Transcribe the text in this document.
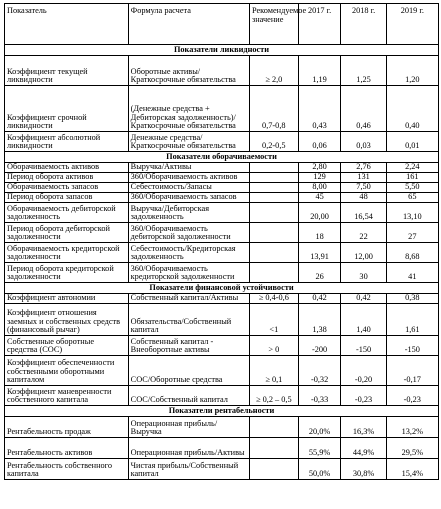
Показатель	Формула расчета	Рекомендуемое значение	2017 г.	2018 г.	2019 г.
Показатели ликвидности					
Коэффициент текущей ликвидности	Оборотные активы/Краткосрочные обязательства	≥ 2,0	1,19	1,25	1,20
Коэффициент срочной ликвидности	(Денежные средства + Дебиторская задолженность)/Краткосрочные обязательства	0,7-0,8	0,43	0,46	0,40
Коэффициент абсолютной ликвидности	Денежные средства/Краткосрочные обязательства	0,2-0,5	0,06	0,03	0,01
Показатели оборачиваемости					
Оборачиваемость активов	Выручка/Активы		2,80	2,76	2,24
Период оборота активов	360/Оборачиваемость активов		129	131	161
Оборачиваемость запасов	Себестоимость/Запасы		8,00	7,50	5,50
Период оборота запасов	360/Оборачиваемость запасов		45	48	65
Оборачиваемость дебиторской задолженность	Выручка/Дебиторская задолженность		20,00	16,54	13,10
Период оборота дебиторской задолженности	360/Оборачиваемость дебиторской задолженности		18	22	27
Оборачиваемость кредиторской задолженности	Себестоимость/Кредиторская задолженность		13,91	12,00	8,68
Период оборота кредиторской задолженности	360/Оборачиваемость кредиторской задолженности		26	30	41
Показатели финансовой устойчивости					
Коэффициент автономии	Собственный капитал/Активы	≥ 0,4-0,6	0,42	0,42	0,38
Коэффициент отношения заемных и собственных средств (финансовый рычаг)	Обязательства/Собственный капитал	<1	1,38	1,40	1,61
Собственные оборотные средства (СОС)	Собственный капитал - Внеоборотные активы	> 0	-200	-150	-150
Коэффициент обеспеченности собственными оборотными капиталом	СОС/Оборотные средства	≥ 0,1	-0,32	-0,20	-0,17
Коэффициент маневренности собственного капитала	СОС/Собственный капитал	≥ 0,2 – 0,5	-0,33	-0,23	-0,23
Показатели рентабельности					
Рентабельность продаж	Операционная прибыль/Выручка		20,0%	16,3%	13,2%
Рентабельность активов	Операционная прибыль/Активы		55,9%	44,9%	29,5%
Рентабельность собственного капитала	Чистая прибыль/Собственный капитал		50,0%	30,8%	15,4%
